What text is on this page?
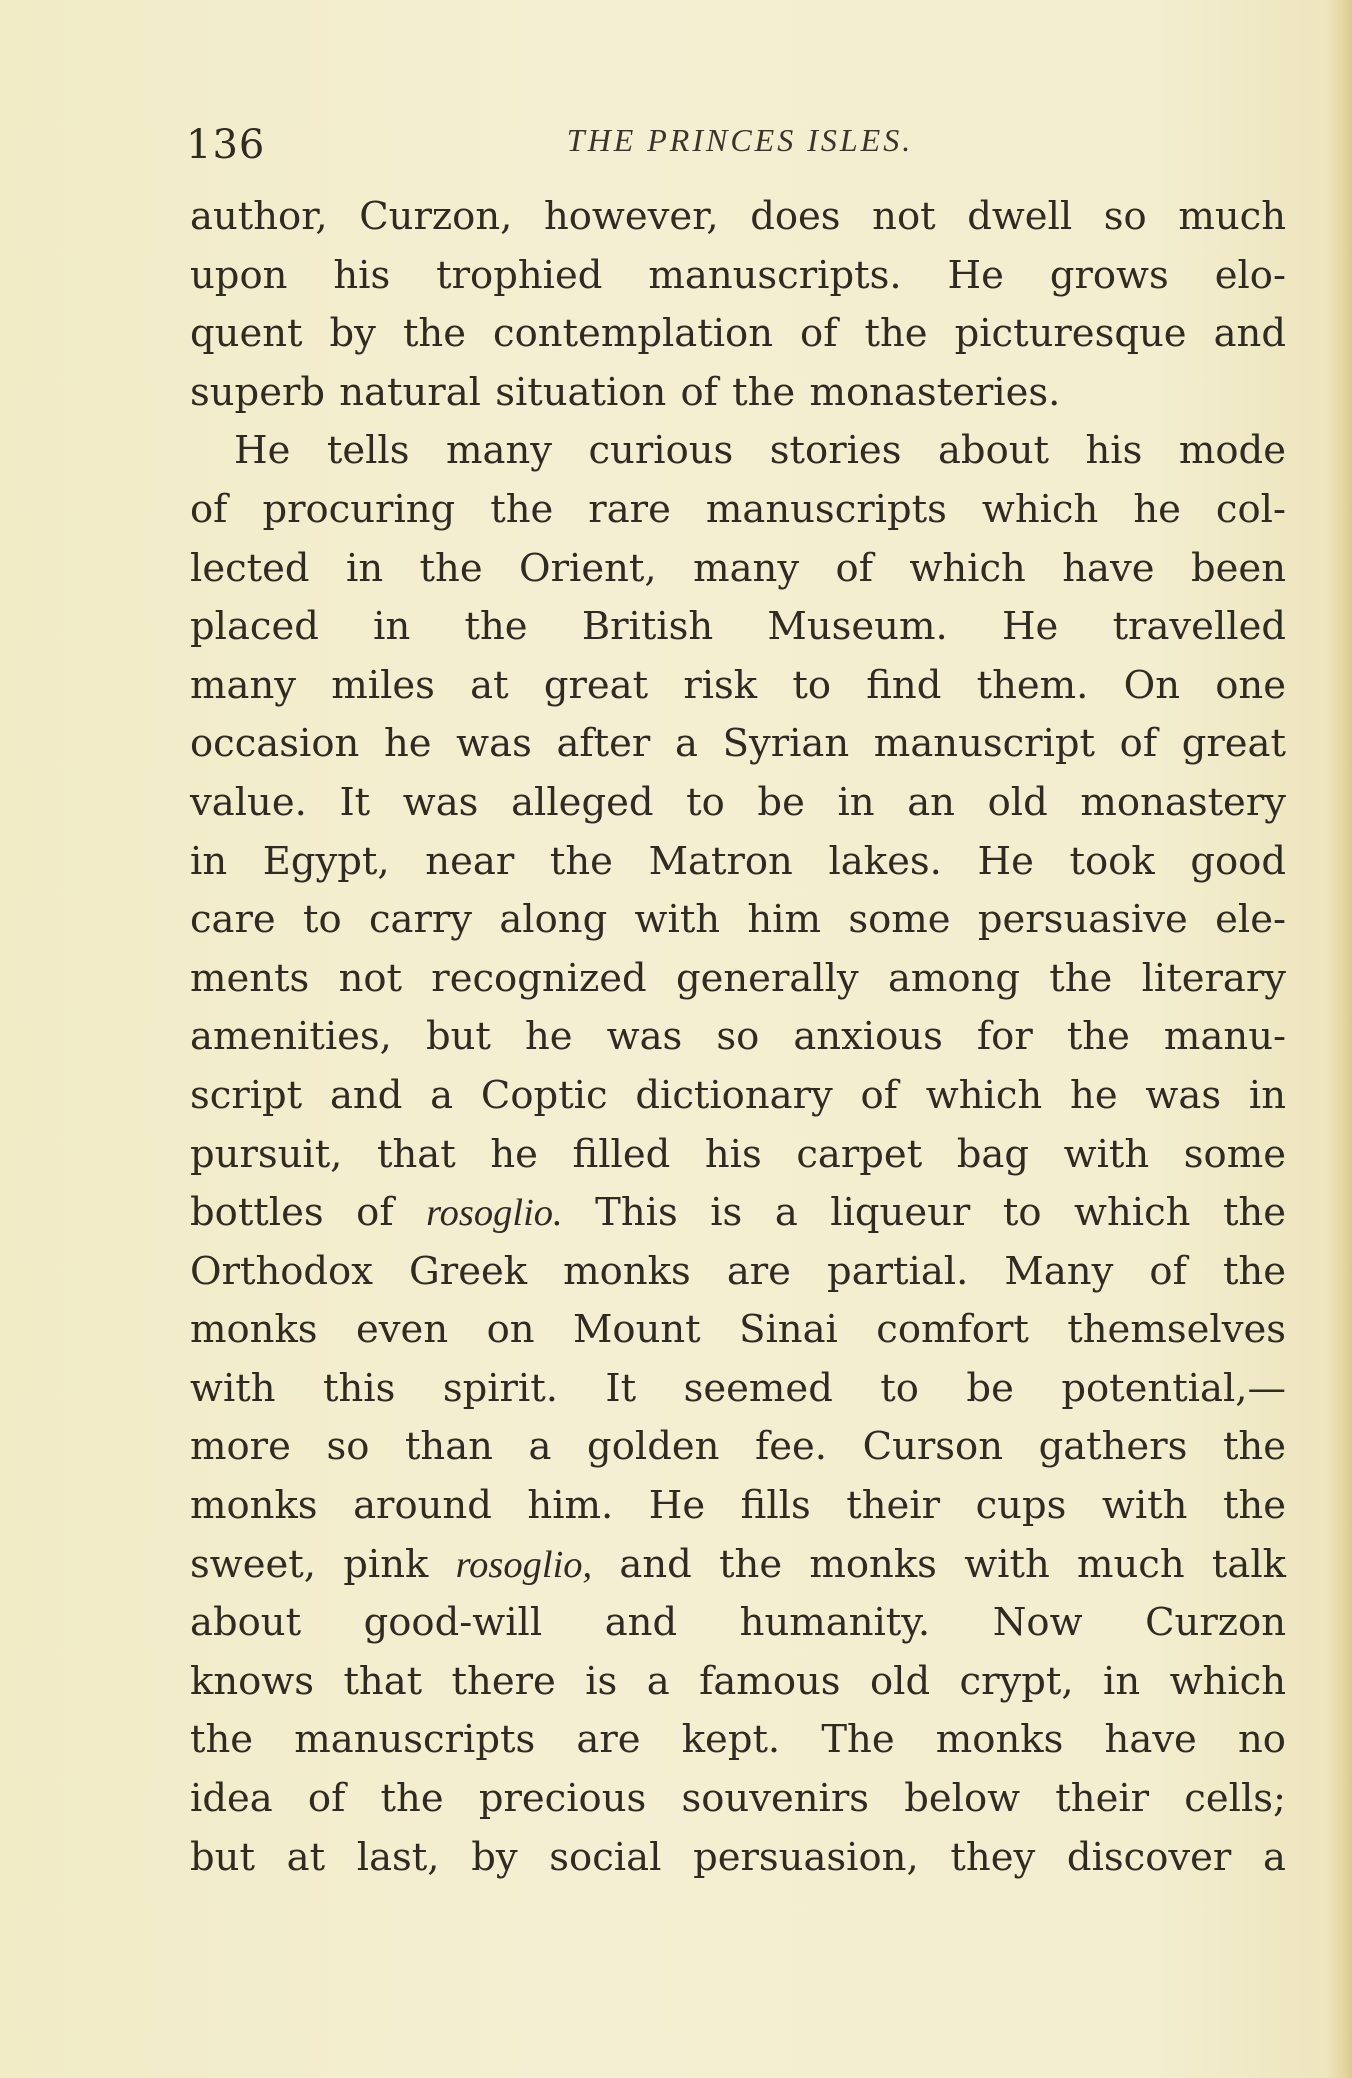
136	THE PRINCES ISLES.
author, Curzon, however, does not dwell so much
upon his trophied manuscripts. He grows elo-
quent by the contemplation of the picturesque and
superb natural situation of the monasteries.
He tells many curious stories about his mode
of procuring the rare manuscripts which he col-
lected in the Orient, many of which have been
placed in the British Museum. He travelled
many miles at great risk to find them. On one
occasion he was after a Syrian manuscript of great
value. It was alleged to be in an old monastery
in Egypt, near the Matron lakes. He took good
care to carry along with him some persuasive ele-
ments not recognized generally among the literary
amenities, but he was so anxious for the manu-
script and a Coptic dictionary of which he was in
pursuit, that he filled his carpet bag with some
bottles of rosoglio. This is a liqueur to which the
Orthodox Greek monks are partial. Many of the
monks even on Mount Sinai comfort themselves
with this spirit. It seemed to be potential,—
more so than a golden fee. Curson gathers the
monks around him. He fills their cups with the
sweet, pink rosoglio, and the monks with much talk
about good-will and humanity. Now Curzon
knows that there is a famous old crypt, in which
the manuscripts are kept. The monks have no
idea of the precious souvenirs below their cells;
but at last, by social persuasion, they discover a
